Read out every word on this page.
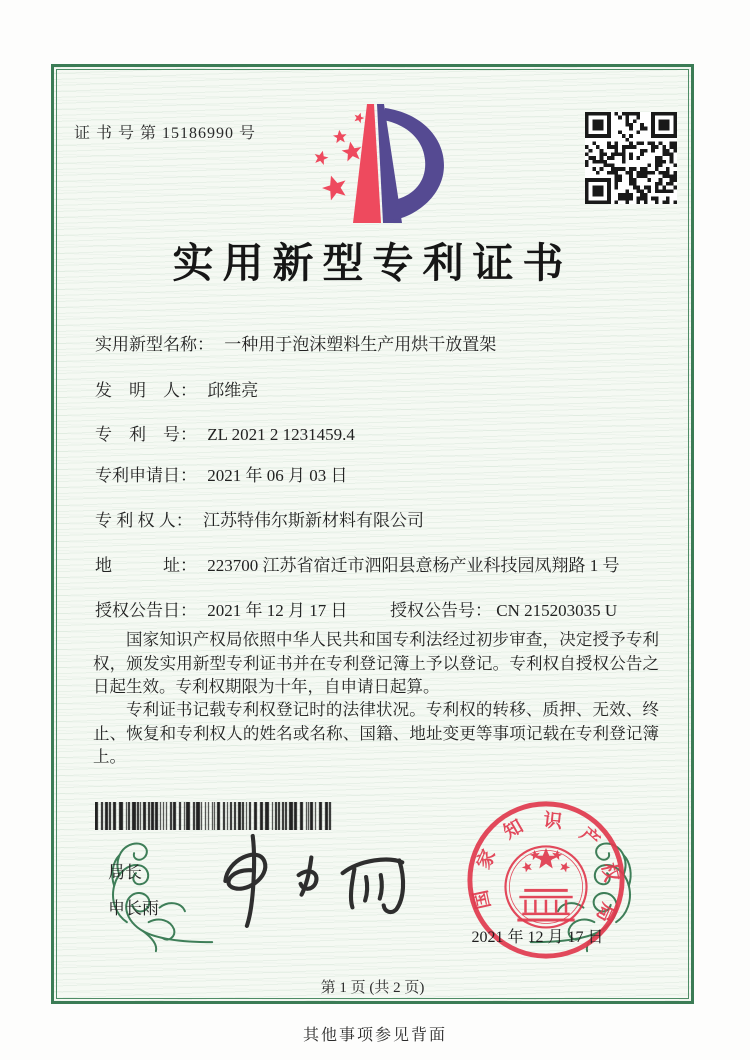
证 书 号 第 15186990 号
实用新型专利证书
实用新型名称： 一种用于泡沫塑料生产用烘干放置架
发　明　人： 邱维亮
专　利　号： ZL 2021 2 1231459.4
专利申请日： 2021 年 06 月 03 日
专 利 权 人： 江苏特伟尔斯新材料有限公司
地　　　址： 223700 江苏省宿迁市泗阳县意杨产业科技园凤翔路 1 号
授权公告日： 2021 年 12 月 17 日	授权公告号： CN 215203035 U
国家知识产权局依照中华人民共和国专利法经过初步审查，决定授予专利权，颁发实用新型专利证书并在专利登记簿上予以登记。专利权自授权公告之日起生效。专利权期限为十年，自申请日起算。
专利证书记载专利权登记时的法律状况。专利权的转移、质押、无效、终止、恢复和专利权人的姓名或名称、国籍、地址变更等事项记载在专利登记簿上。
局长
申长雨	国
家
知 识
产
权
局
2021 年 12 月 17 日
第 1 页 (共 2 页)
其他事项参见背面
